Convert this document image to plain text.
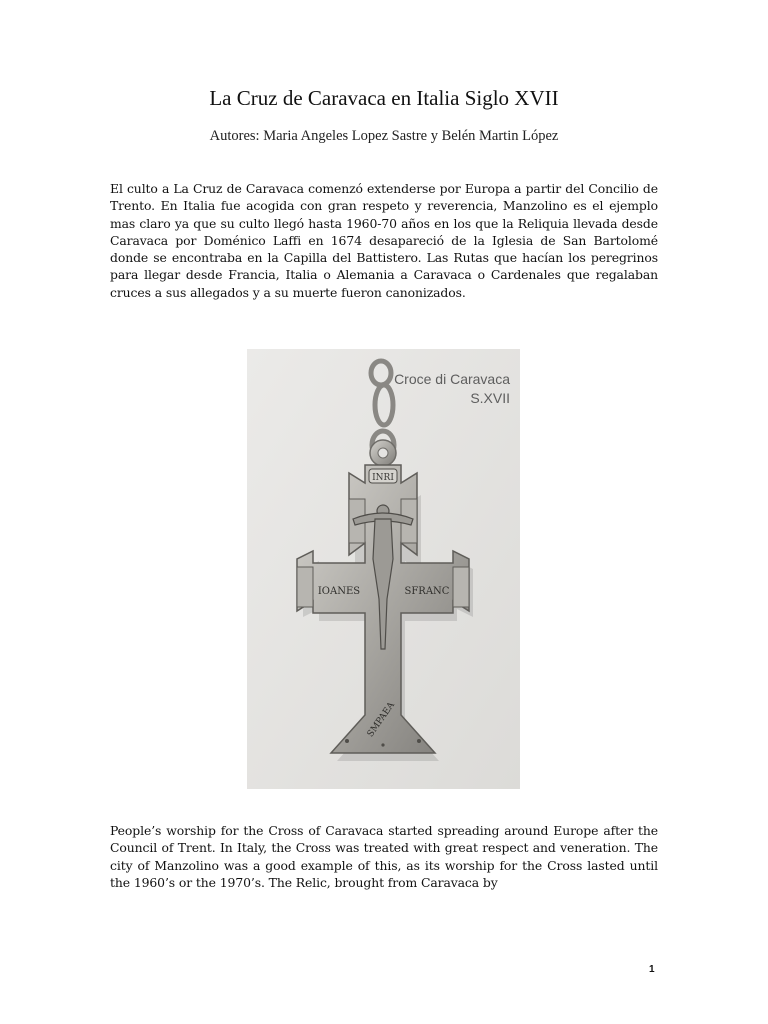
La Cruz de Caravaca en Italia Siglo XVII
Autores: Maria Angeles Lopez Sastre y Belén Martin López

El culto a La Cruz de Caravaca comenzó extenderse por Europa a partir del Concilio de Trento. En Italia fue acogida con gran respeto y reverencia, Manzolino es el ejemplo mas claro ya que su culto llegó hasta 1960-70 años en los que la Reliquia llevada desde Caravaca por Doménico Laffi en 1674 desapareció de la Iglesia de San Bartolomé donde se encontraba en la Capilla del Battistero. Las Rutas que hacían los peregrinos para llegar desde Francia, Italia o Alemania a Caravaca o Cardenales que regalaban cruces a sus allegados y a su muerte fueron canonizados.

INRI
IOANES	SFRANC
SMPAEA
Croce di Caravaca
S.XVII

People’s worship for the Cross of Caravaca started spreading around Europe after the Council of Trent. In Italy, the Cross was treated with great respect and veneration. The city of Manzolino was a good example of this, as its worship for the Cross lasted until the 1960’s or the 1970’s. The Relic, brought from Caravaca by

1
